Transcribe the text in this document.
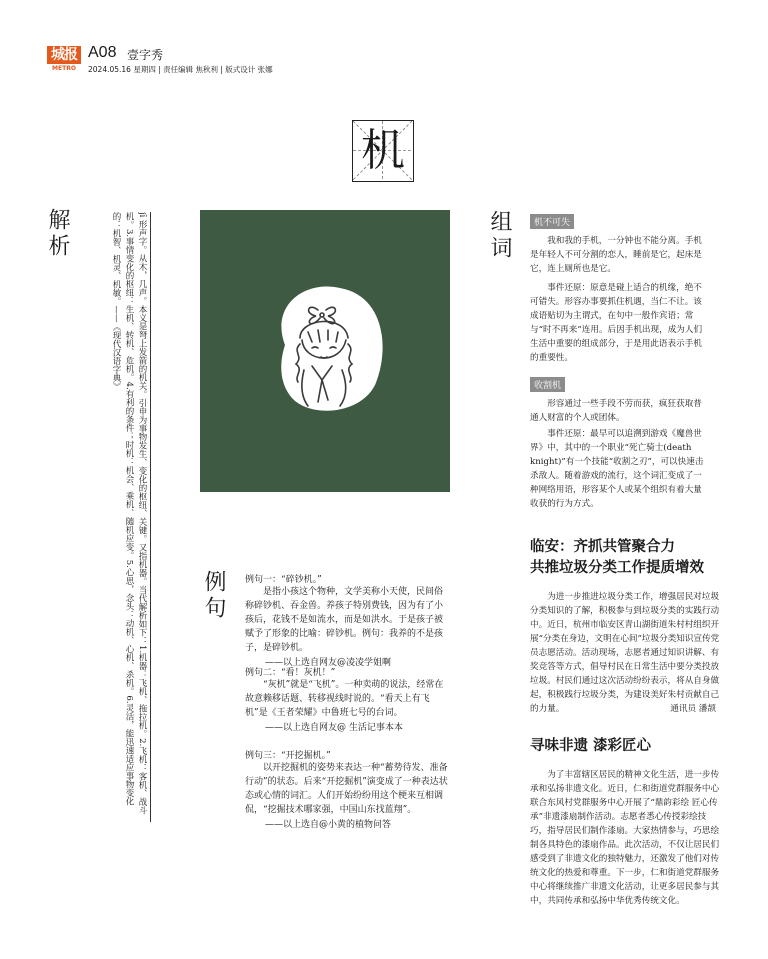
城报
METRO
A08 壹字秀
2024.05.16 星期四 | 责任编辑 焦秋利 | 版式设计 张娜
机
解析	组词
例句
jī 形声字。从木，几声。本义是弩上发箭的机关。引申为事物发生、变化的枢纽、关键。又指机器。当代解析如下：1.机器：飞机、拖拉机。2.飞机：客机、战斗机。3.事情变化的枢纽：生机、转机、危机。4.有利的条件；时机：机会、乘机、随机应变。5.心思，念头：动机、心机、杀机。6.灵活，能迅速适应事物变化的：机智、机灵、机敏。——《现代汉语字典》
例句一：“碎钞机。”
是指小孩这个物种，文学美称小天使，民间俗称碎钞机、吞金兽。养孩子特别费钱，因为有了小孩后，花钱不是如流水，而是如洪水。于是孩子被赋予了形象的比喻：碎钞机。例句：我养的不是孩子，是碎钞机。
——以上选自网友@凌凌学姐啊
例句二：“看！灰机！”
“灰机”就是“飞机”。一种卖萌的说法，经常在故意赖移话题、转移视线时说的。“看天上有飞机”是《王者荣耀》中鲁班七号的台词。
——以上选自网友@ 生活记事本本
例句三：“开挖掘机。”
以开挖掘机的姿势来表达一种“蓄势待发、准备行动”的状态。后来“开挖掘机”演变成了一种表达状态或心情的词汇。人们开始纷纷用这个梗来互相调侃，“挖掘技术哪家强，中国山东找蓝翔”。
——以上选自@小黄的植物问答
机不可失

我和我的手机，一分钟也不能分离。手机是年轻人不可分割的恋人，睡前是它，起床是它，连上厕所也是它。

事件还原：原意是碰上适合的机缘，绝不可错失。形容办事要抓住机遇，当仁不让。该成语贴切为主谓式，在句中一般作宾语；常与“时不再来”连用。后因手机出现，成为人们生活中重要的组成部分，于是用此语表示手机的重要性。

收割机

形容通过一些手段不劳而获，疯狂获取普通人财富的个人或团体。

事件还原：最早可以追溯到游戏《魔兽世界》中，其中的一个职业“死亡骑士(death knight)”有一个技能“收割之刃”，可以快速击杀敌人。随着游戏的流行，这个词汇变成了一种网络用语，形容某个人或某个组织有着大量收获的行为方式。

临安：齐抓共管聚合力
共推垃圾分类工作提质增效

为进一步推进垃圾分类工作，增强居民对垃圾分类知识的了解，积极参与到垃圾分类的实践行动中。近日，杭州市临安区青山湖街道朱村村组织开展“分类在身边，文明在心间”垃圾分类知识宣传党员志愿活动。活动现场，志愿者通过知识讲解、有奖竞答等方式，倡导村民在日常生活中要分类投放垃圾。村民们通过这次活动纷纷表示，将从自身做起，积极践行垃圾分类，为建设美好朱村贡献自己的力量。	通讯员 潘颉
寻味非遗 漆彩匠心

为了丰富辖区居民的精神文化生活，进一步传承和弘扬非遗文化。近日，仁和街道党群服务中心联合东风村党群服务中心开展了“鼎韵彩绘 匠心传承”非遗漆扇制作活动。志愿者悉心传授彩绘技巧，指导居民们制作漆扇。大家热情参与，巧思绘制各具特色的漆扇作品。此次活动，不仅让居民们感受到了非遗文化的独特魅力，还激发了他们对传统文化的热爱和尊重。下一步，仁和街道党群服务中心将继续推广非遗文化活动，让更多居民参与其中，共同传承和弘扬中华优秀传统文化。
